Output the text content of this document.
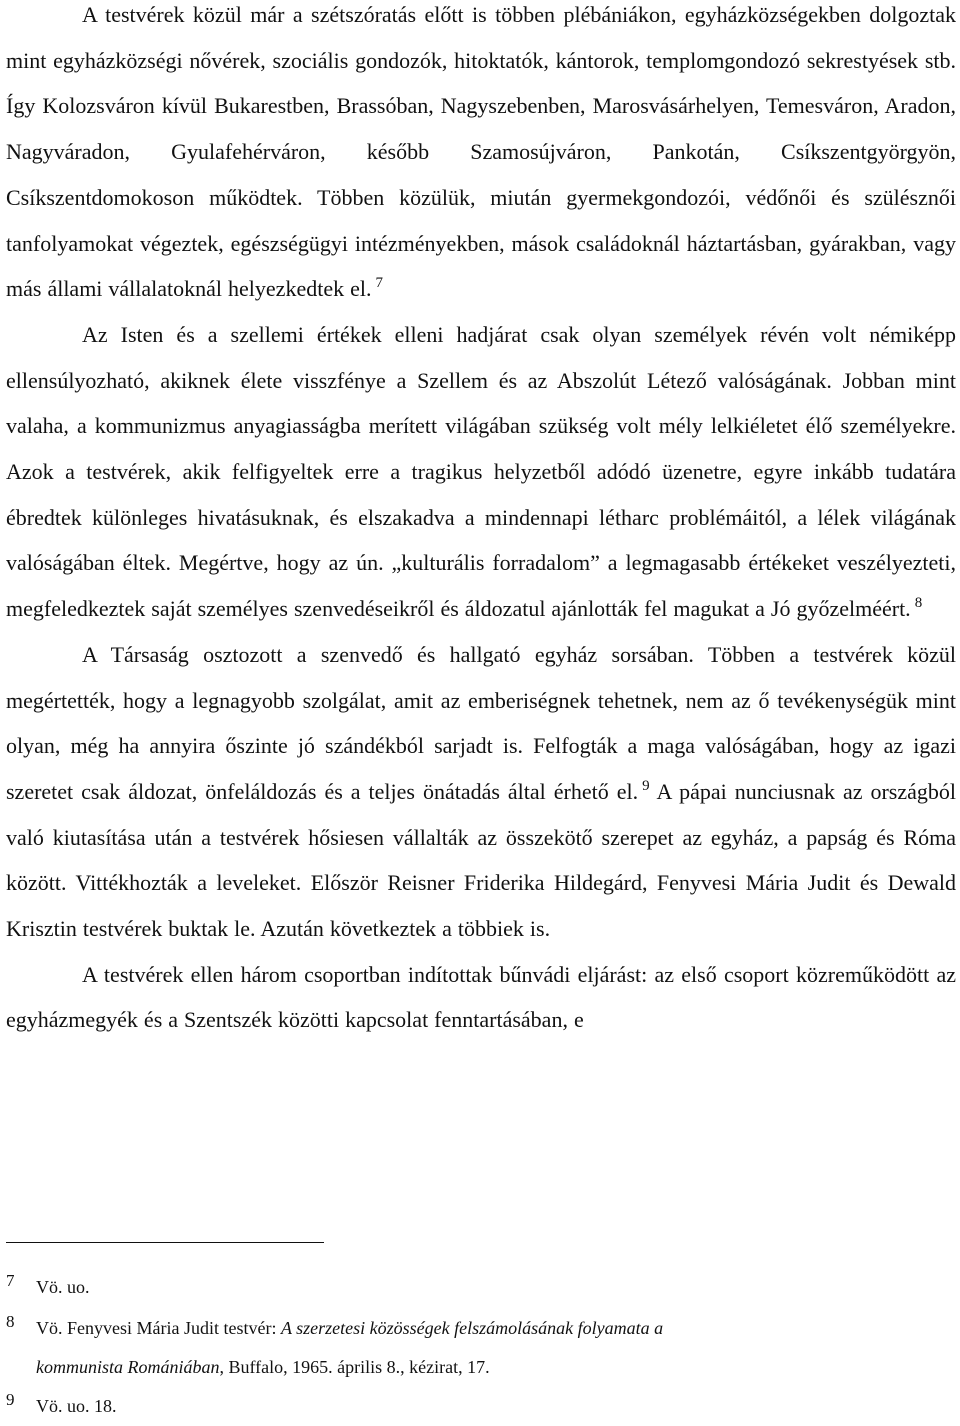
A testvérek közül már a szétszóratás előtt is többen plébániákon, egyházközségekben dolgoztak mint egyházközségi nővérek, szociális gondozók, hitoktatók, kántorok, templomgondozó sekrestyések stb. Így Kolozsváron kívül Bukarestben, Brassóban, Nagyszebenben, Marosvásárhelyen, Temesváron, Aradon, Nagyváradon, Gyulafehérváron, később Szamosújváron, Pankotán, Csíkszentgyörgyön, Csíkszentdomokoson működtek. Többen közülük, miután gyermekgondozói, védőnői és szülésznői tanfolyamokat végeztek, egészségügyi intézményekben, mások családoknál háztartásban, gyárakban, vagy más állami vállalatoknál helyezkedtek el. $^7$

Az Isten és a szellemi értékek elleni hadjárat csak olyan személyek révén volt némiképp ellensúlyozható, akiknek élete visszfénye a Szellem és az Abszolút Létező valóságának. Jobban mint valaha, a kommunizmus anyagiasságba merített világában szükség volt mély lelkiéletet élő személyekre. Azok a testvérek, akik felfigyeltek erre a tragikus helyzetből adódó üzenetre, egyre inkább tudatára ébredtek különleges hivatásuknak, és elszakadva a mindennapi létharc problémáitól, a lélek világának valóságában éltek. Megértve, hogy az ún. „kulturális forradalom” a legmagasabb értékeket veszélyezteti, megfeledkeztek saját személyes szenvedéseikről és áldozatul ajánlották fel magukat a Jó győzelméért. $^8$

A Társaság osztozott a szenvedő és hallgató egyház sorsában. Többen a testvérek közül megértették, hogy a legnagyobb szolgálat, amit az emberiségnek tehetnek, nem az ő tevékenységük mint olyan, még ha annyira őszinte jó szándékból sarjadt is. Felfogták a maga valóságában, hogy az igazi szeretet csak áldozat, önfeláldozás és a teljes önátadás által érhető el. $^9$ A pápai nunciusnak az országból való kiutasítása után a testvérek hősiesen vállalták az összekötő szerepet az egyház, a papság és Róma között. Vittékhozták a leveleket. Először Reisner Friderika Hildegárd, Fenyvesi Mária Judit és Dewald Krisztin testvérek buktak le. Azután következtek a többiek is.

A testvérek ellen három csoportban indítottak bűnvádi eljárást: az első csoport közreműködött az egyházmegyék és a Szentszék közötti kapcsolat fenntartásában, e

7 Vö. uo.
8 Vö. Fenyvesi Mária Judit testvér: A szerzetesi közösségek felszámolásának folyamata a
kommunista Romániában, Buffalo, 1965. április 8., kézirat, 17.
9 Vö. uo. 18.
